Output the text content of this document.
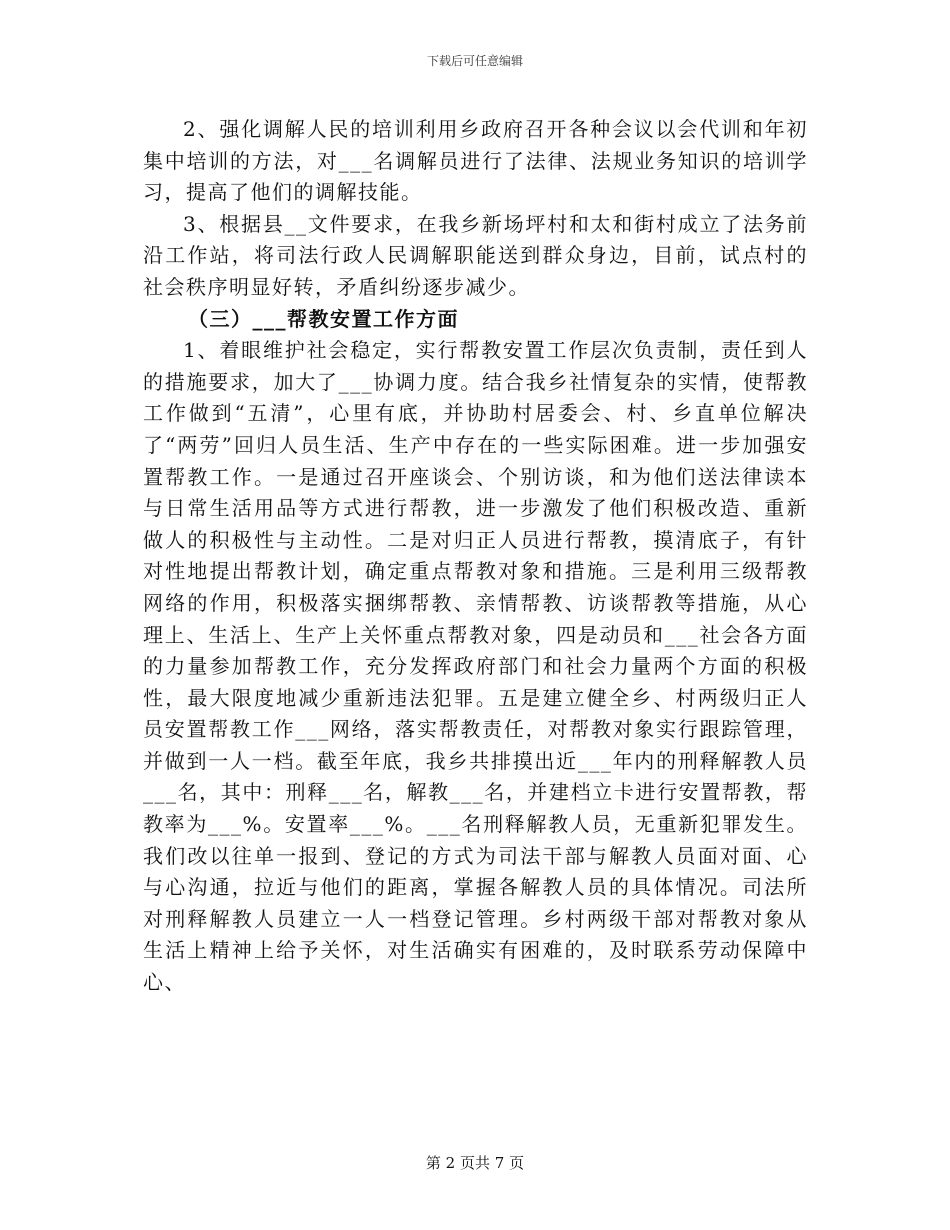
下载后可任意编辑

2、强化调解人民的培训利用乡政府召开各种会议以会代训和年初集中培训的方法，对___名调解员进行了法律、法规业务知识的培训学习，提高了他们的调解技能。

3、根据县__文件要求，在我乡新场坪村和太和街村成立了法务前沿工作站，将司法行政人民调解职能送到群众身边，目前，试点村的社会秩序明显好转，矛盾纠纷逐步减少。

（三）___帮教安置工作方面

1、着眼维护社会稳定，实行帮教安置工作层次负责制，责任到人的措施要求，加大了___协调力度。结合我乡社情复杂的实情，使帮教工作做到“五清”，心里有底，并协助村居委会、村、乡直单位解决了“两劳”回归人员生活、生产中存在的一些实际困难。进一步加强安置帮教工作。一是通过召开座谈会、个别访谈，和为他们送法律读本与日常生活用品等方式进行帮教，进一步激发了他们积极改造、重新做人的积极性与主动性。二是对归正人员进行帮教，摸清底子，有针对性地提出帮教计划，确定重点帮教对象和措施。三是利用三级帮教网络的作用，积极落实捆绑帮教、亲情帮教、访谈帮教等措施，从心理上、生活上、生产上关怀重点帮教对象，四是动员和___社会各方面的力量参加帮教工作，充分发挥政府部门和社会力量两个方面的积极性，最大限度地减少重新违法犯罪。五是建立健全乡、村两级归正人员安置帮教工作___网络，落实帮教责任，对帮教对象实行跟踪管理，并做到一人一档。截至年底，我乡共排摸出近___年内的刑释解教人员___名，其中：刑释___名，解教___名，并建档立卡进行安置帮教，帮教率为___%。安置率___%。___名刑释解教人员，无重新犯罪发生。我们改以往单一报到、登记的方式为司法干部与解教人员面对面、心与心沟通，拉近与他们的距离，掌握各解教人员的具体情况。司法所对刑释解教人员建立一人一档登记管理。乡村两级干部对帮教对象从生活上精神上给予关怀，对生活确实有困难的，及时联系劳动保障中心、

第 2 页共 7 页
